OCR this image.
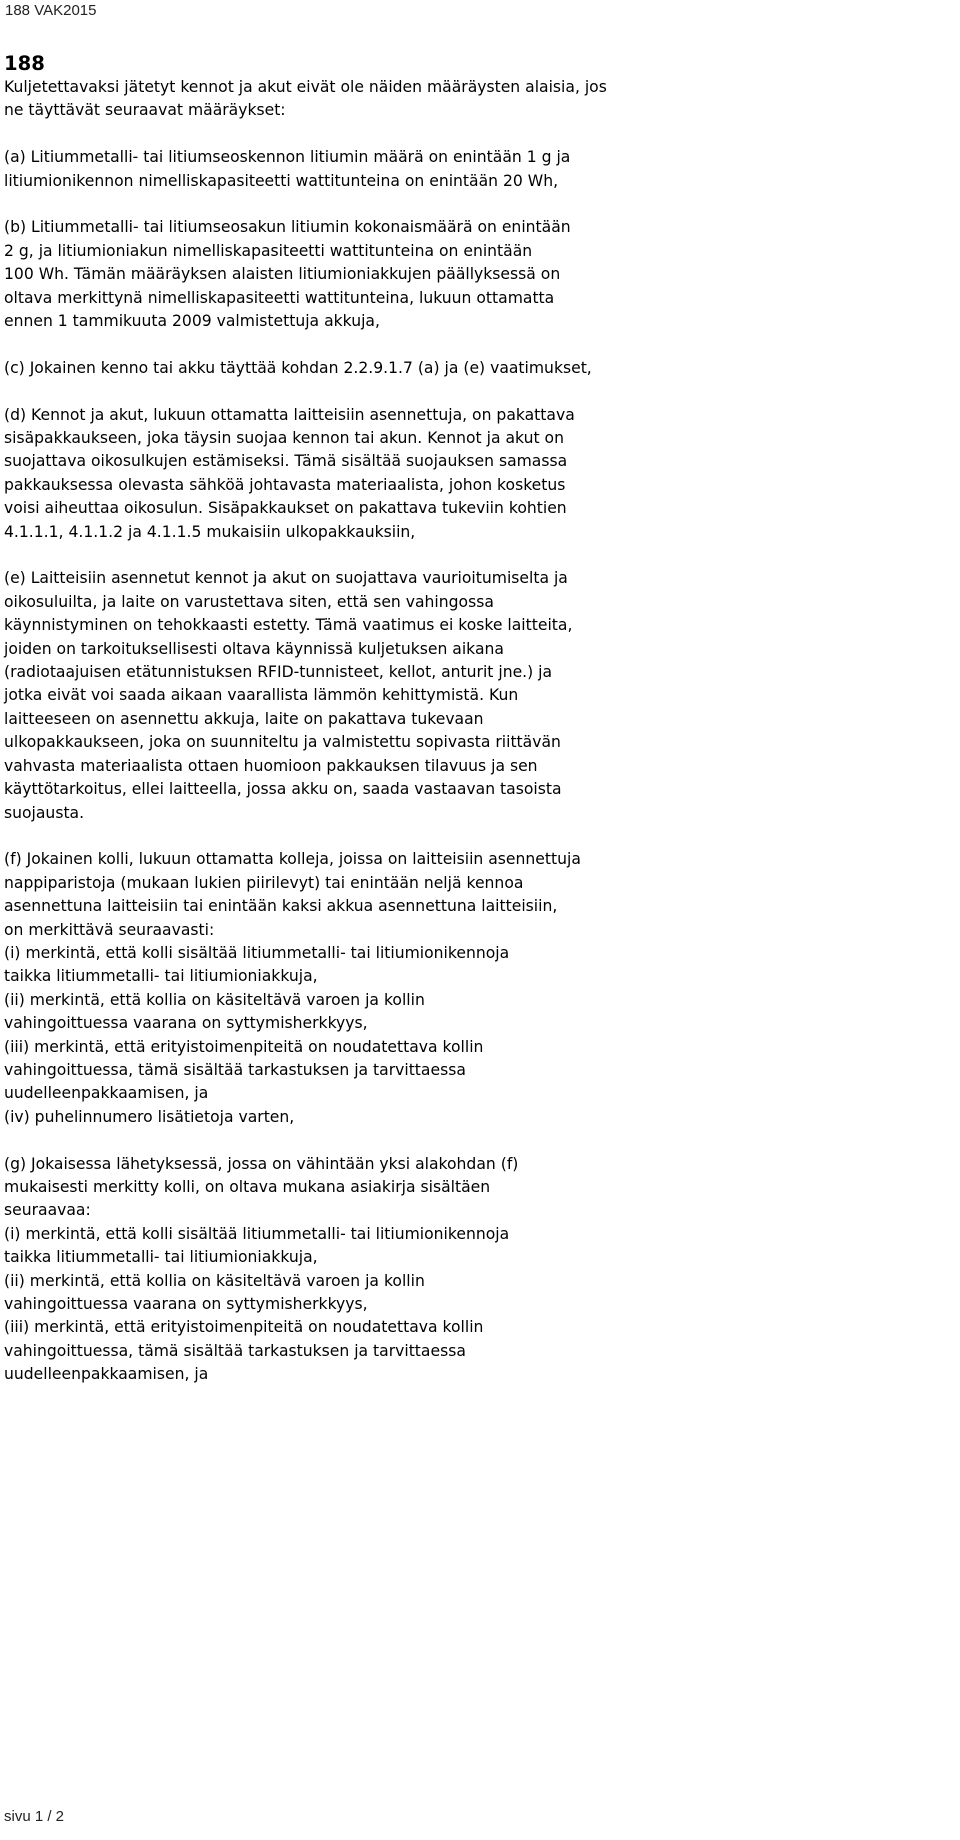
188 VAK2015
188
Kuljetettavaksi jätetyt kennot ja akut eivät ole näiden määräysten alaisia, jos
ne täyttävät seuraavat määräykset:
(a) Litiummetalli- tai litiumseoskennon litiumin määrä on enintään 1 g ja
litiumionikennon nimelliskapasiteetti wattitunteina on enintään 20 Wh,
(b) Litiummetalli- tai litiumseosakun litiumin kokonaismäärä on enintään
2 g, ja litiumioniakun nimelliskapasiteetti wattitunteina on enintään
100 Wh. Tämän määräyksen alaisten litiumioniakkujen päällyksessä on
oltava merkittynä nimelliskapasiteetti wattitunteina, lukuun ottamatta
ennen 1 tammikuuta 2009 valmistettuja akkuja,
(c) Jokainen kenno tai akku täyttää kohdan 2.2.9.1.7 (a) ja (e) vaatimukset,
(d) Kennot ja akut, lukuun ottamatta laitteisiin asennettuja, on pakattava
sisäpakkaukseen, joka täysin suojaa kennon tai akun. Kennot ja akut on
suojattava oikosulkujen estämiseksi. Tämä sisältää suojauksen samassa
pakkauksessa olevasta sähköä johtavasta materiaalista, johon kosketus
voisi aiheuttaa oikosulun. Sisäpakkaukset on pakattava tukeviin kohtien
4.1.1.1, 4.1.1.2 ja 4.1.1.5 mukaisiin ulkopakkauksiin,
(e) Laitteisiin asennetut kennot ja akut on suojattava vaurioitumiselta ja
oikosuluilta, ja laite on varustettava siten, että sen vahingossa
käynnistyminen on tehokkaasti estetty. Tämä vaatimus ei koske laitteita,
joiden on tarkoituksellisesti oltava käynnissä kuljetuksen aikana
(radiotaajuisen etätunnistuksen RFID-tunnisteet, kellot, anturit jne.) ja
jotka eivät voi saada aikaan vaarallista lämmön kehittymistä. Kun
laitteeseen on asennettu akkuja, laite on pakattava tukevaan
ulkopakkaukseen, joka on suunniteltu ja valmistettu sopivasta riittävän
vahvasta materiaalista ottaen huomioon pakkauksen tilavuus ja sen
käyttötarkoitus, ellei laitteella, jossa akku on, saada vastaavan tasoista
suojausta.
(f) Jokainen kolli, lukuun ottamatta kolleja, joissa on laitteisiin asennettuja
nappiparistoja (mukaan lukien piirilevyt) tai enintään neljä kennoa
asennettuna laitteisiin tai enintään kaksi akkua asennettuna laitteisiin,
on merkittävä seuraavasti:
(i) merkintä, että kolli sisältää litiummetalli- tai litiumionikennoja
taikka litiummetalli- tai litiumioniakkuja,
(ii) merkintä, että kollia on käsiteltävä varoen ja kollin
vahingoittuessa vaarana on syttymisherkkyys,
(iii) merkintä, että erityistoimenpiteitä on noudatettava kollin
vahingoittuessa, tämä sisältää tarkastuksen ja tarvittaessa
uudelleenpakkaamisen, ja
(iv) puhelinnumero lisätietoja varten,
(g) Jokaisessa lähetyksessä, jossa on vähintään yksi alakohdan (f)
mukaisesti merkitty kolli, on oltava mukana asiakirja sisältäen
seuraavaa:
(i) merkintä, että kolli sisältää litiummetalli- tai litiumionikennoja
taikka litiummetalli- tai litiumioniakkuja,
(ii) merkintä, että kollia on käsiteltävä varoen ja kollin
vahingoittuessa vaarana on syttymisherkkyys,
(iii) merkintä, että erityistoimenpiteitä on noudatettava kollin
vahingoittuessa, tämä sisältää tarkastuksen ja tarvittaessa
uudelleenpakkaamisen, ja
sivu 1 / 2
